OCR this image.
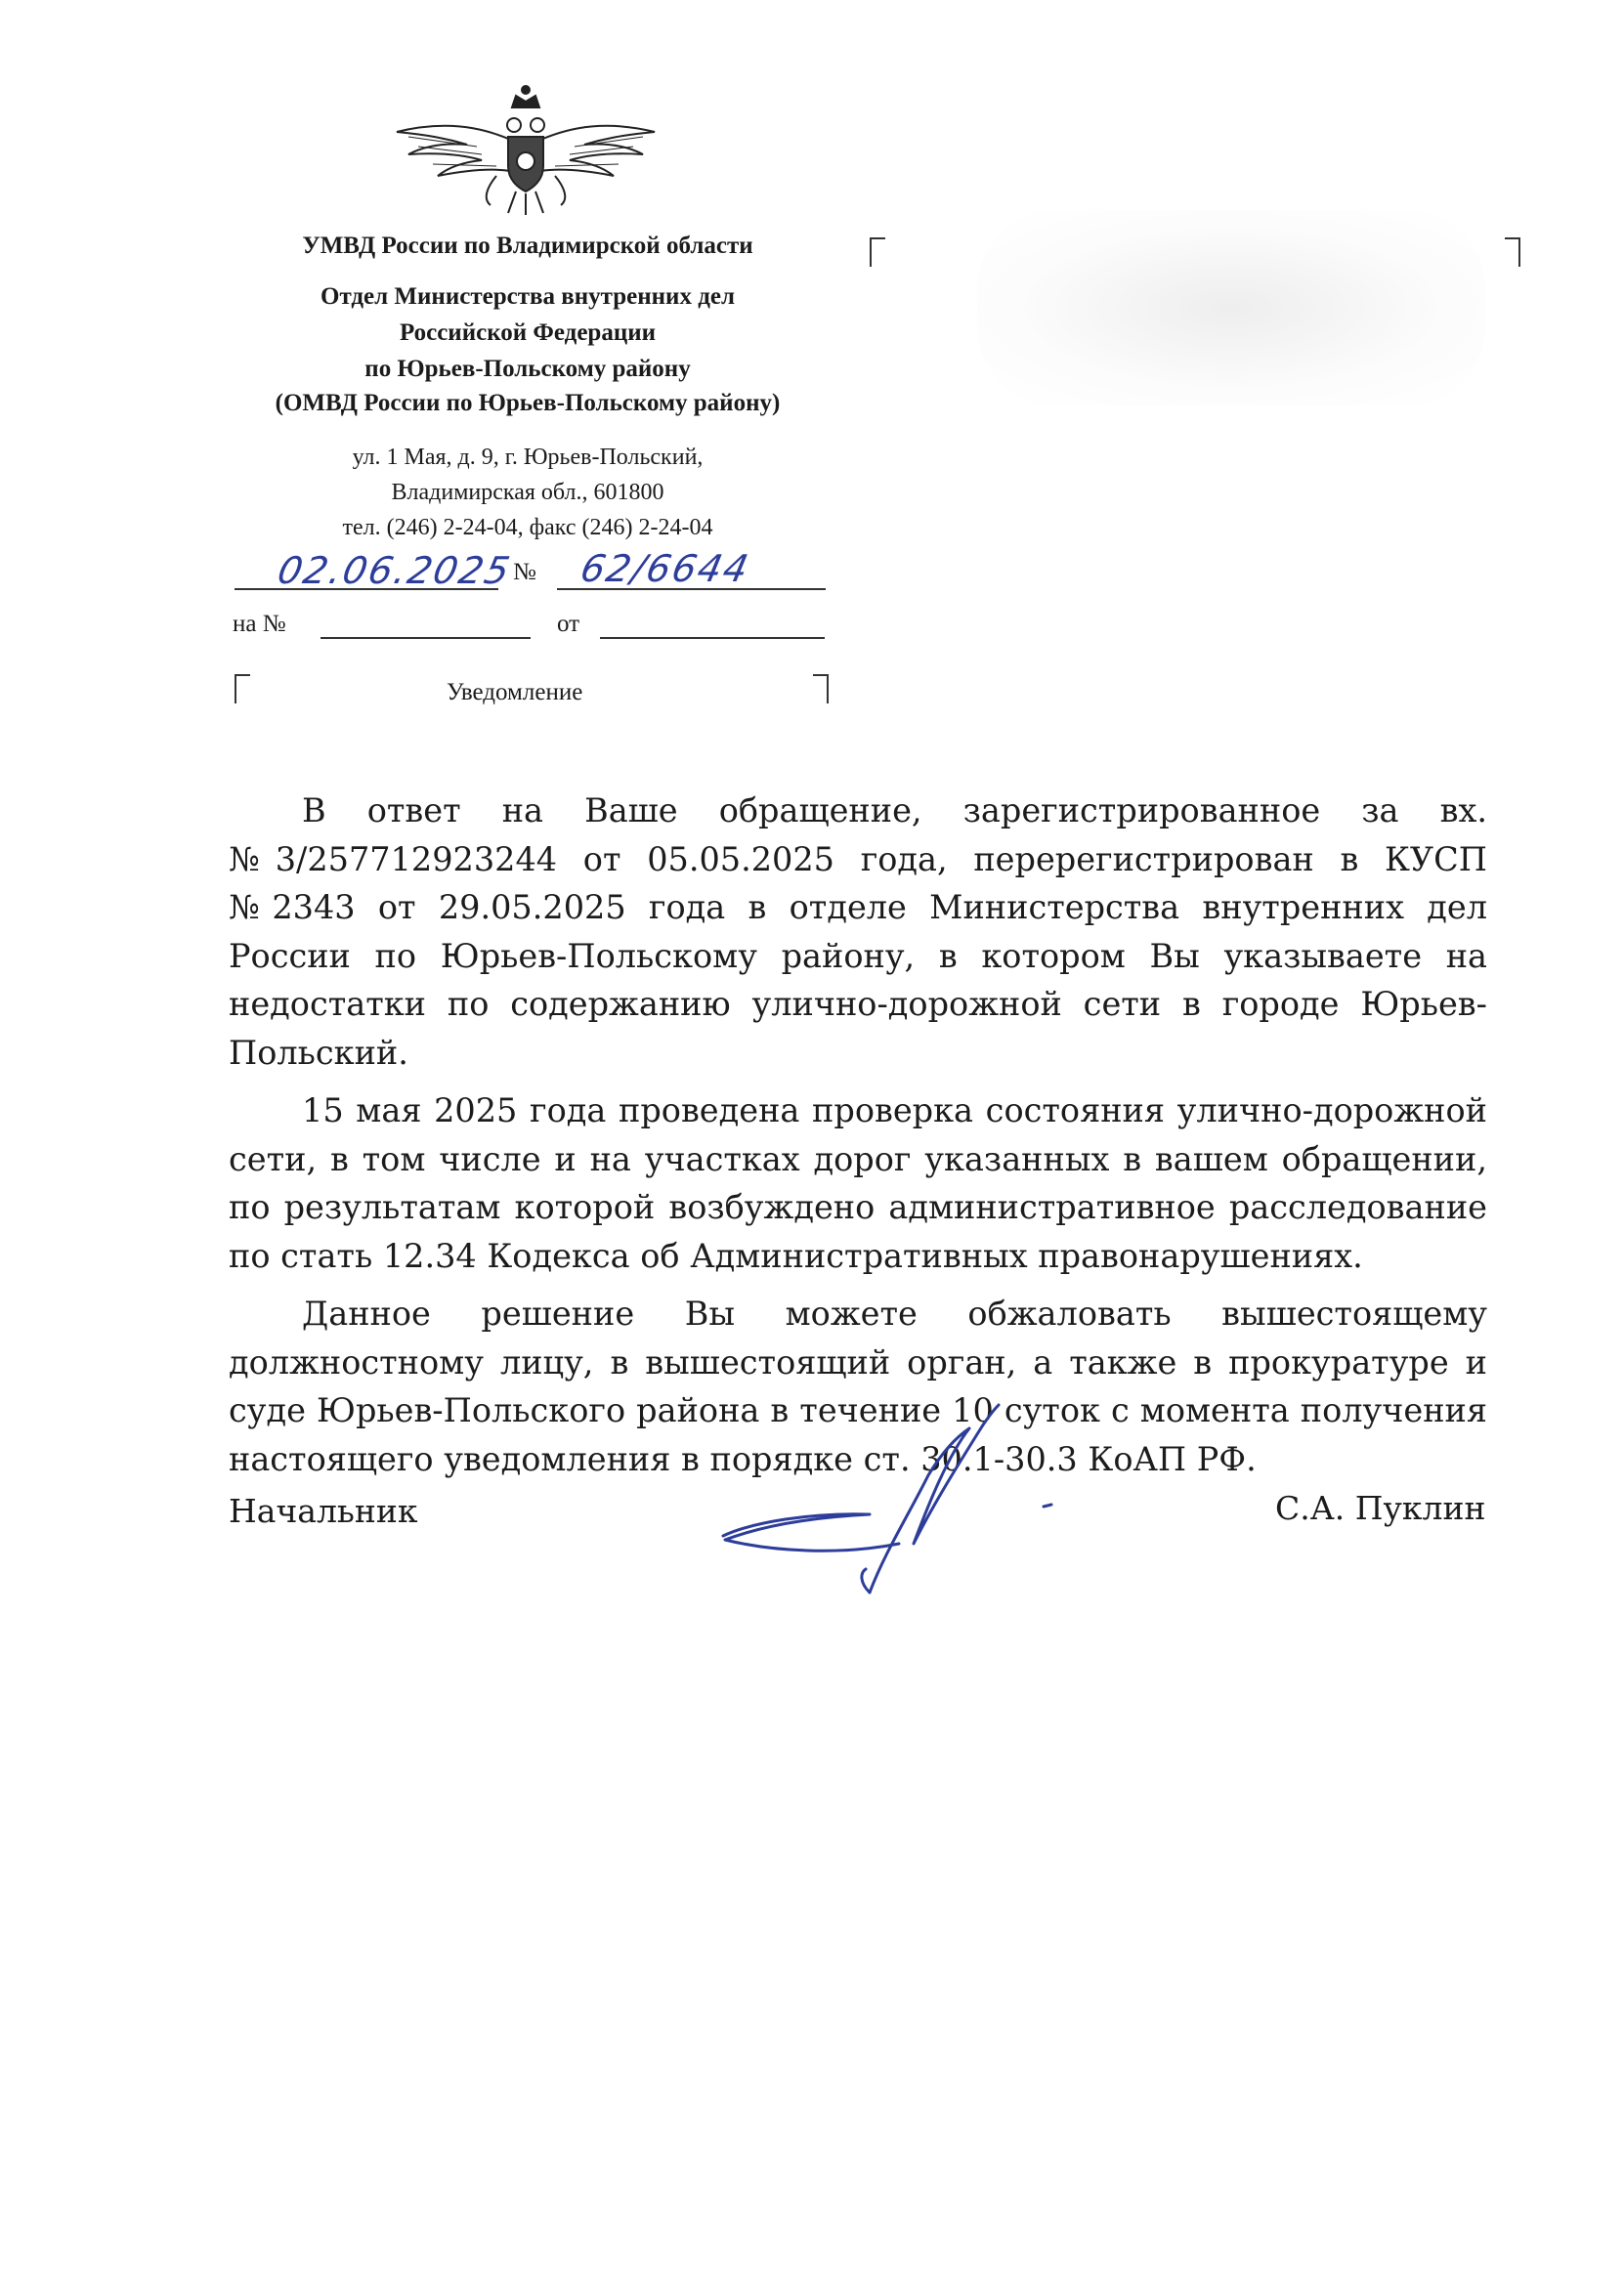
УМВД России по Владимирской области
Отдел Министерства внутренних дел
Российской Федерации
по Юрьев-Польскому району
(ОМВД России по Юрьев-Польскому району)
ул. 1 Мая, д. 9, г. Юрьев-Польский,
Владимирская обл., 601800
тел. (246) 2-24-04, факс (246) 2-24-04
02.06.2025
№ 62/6644
на №	от
Уведомление

В ответ на Ваше обращение, зарегистрированное за вх. №3/257712923244 от 05.05.2025 года, перерегистрирован в КУСП №2343 от 29.05.2025 года в отделе Министерства внутренних дел России по Юрьев-Польскому району, в котором Вы указываете на недостатки по содержанию улично-дорожной сети в городе Юрьев-Польский.

15 мая 2025 года проведена проверка состояния улично-дорожной сети, в том числе и на участках дорог указанных в вашем обращении, по результатам которой возбуждено административное расследование по стать 12.34 Кодекса об Административных правонарушениях.

Данное решение Вы можете обжаловать вышестоящему должностному лицу, в вышестоящий орган, а также в прокуратуре и суде Юрьев-Польского района в течение 10 суток с момента получения настоящего уведомления в порядке ст. 30.1-30.3 КоАП РФ.

Начальник	С.А. Пуклин
